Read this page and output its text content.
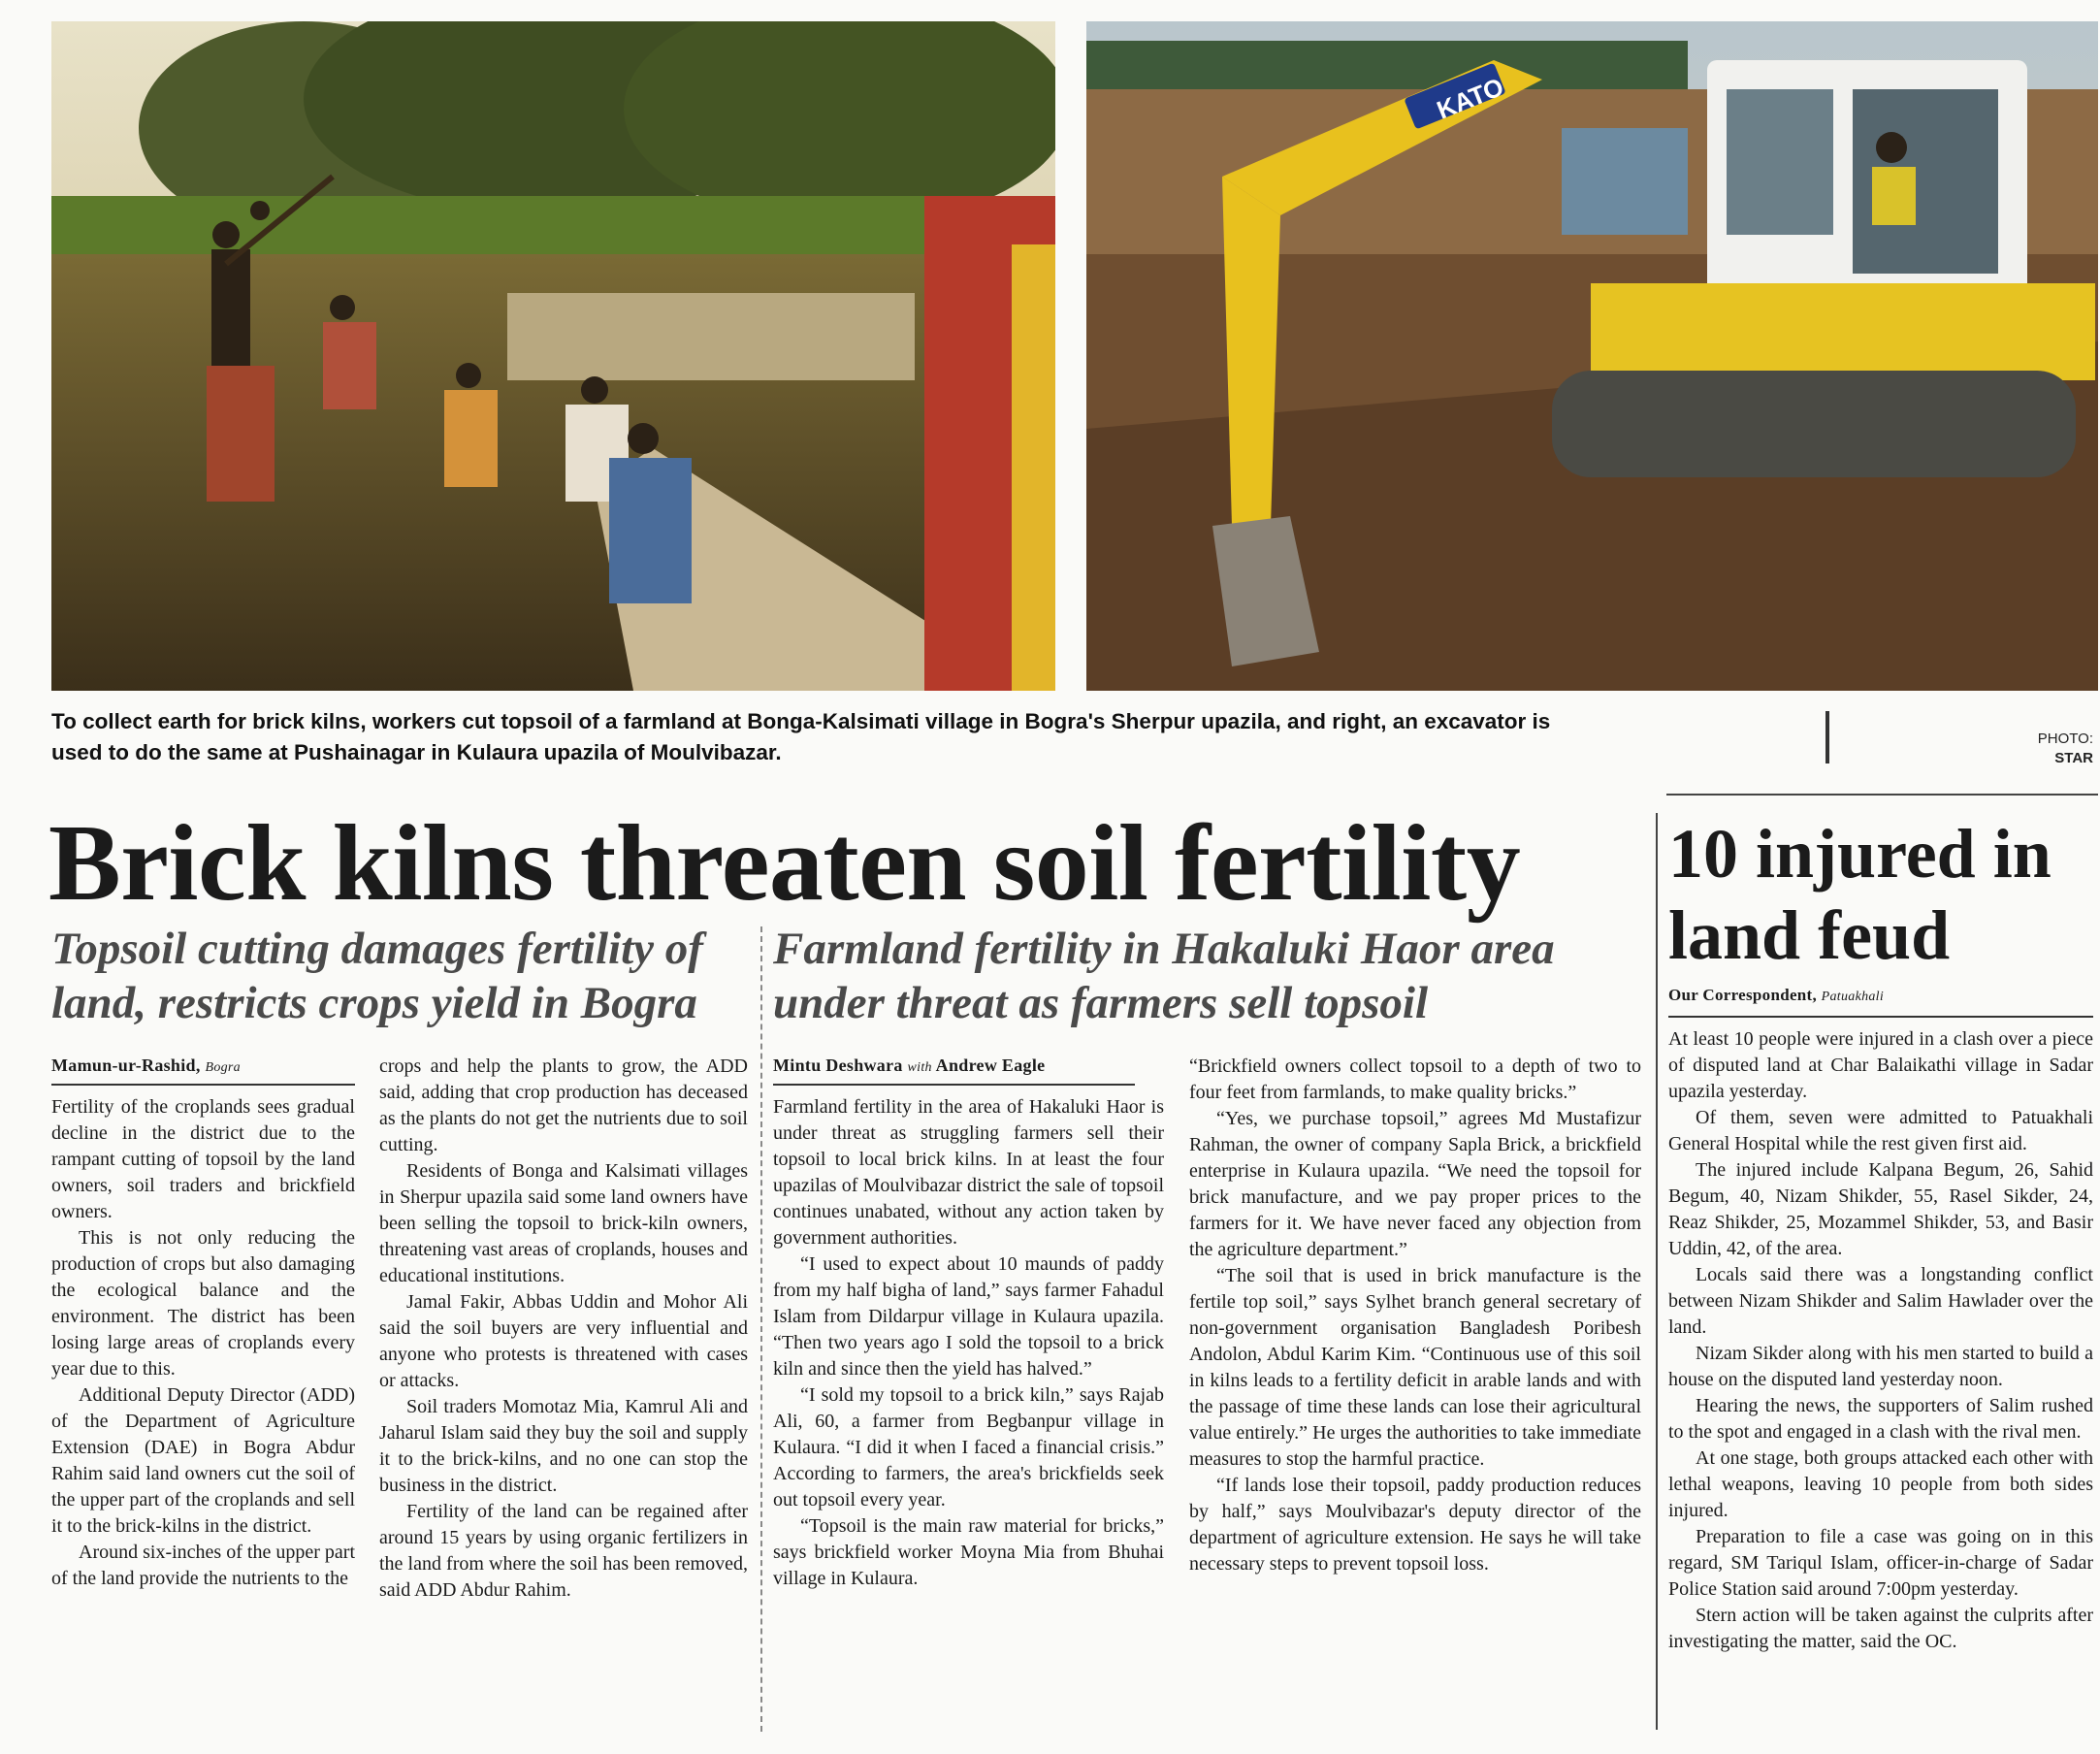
KATO
To collect earth for brick kilns, workers cut topsoil of a farmland at Bonga-Kalsimati village in Bogra's Sherpur upazila, and right, an excavator is used to do the same at Pushainagar in Kulaura upazila of Moulvibazar.
PHOTO:
STAR
Brick kilns threaten soil fertility
Topsoil cutting damages fertility of land, restricts crops yield in Bogra
Farmland fertility in Hakaluki Haor area under threat as farmers sell topsoil
Mamun-ur-Rashid, Bogra	Mintu Deshwara with Andrew Eagle

Fertility of the croplands sees gradual decline in the district due to the rampant cutting of topsoil by the land owners, soil traders and brickfield owners.

This is not only reducing the production of crops but also damaging the ecological balance and the environment. The district has been losing large areas of croplands every year due to this.

Additional Deputy Director (ADD) of the Department of Agriculture Extension (DAE) in Bogra Abdur Rahim said land owners cut the soil of the upper part of the croplands and sell it to the brick-kilns in the district.

Around six-inches of the upper part of the land provide the nutrients to the

crops and help the plants to grow, the ADD said, adding that crop production has deceased as the plants do not get the nutrients due to soil cutting.

Residents of Bonga and Kalsimati villages in Sherpur upazila said some land owners have been selling the topsoil to brick-kiln owners, threatening vast areas of croplands, houses and educational institutions.

Jamal Fakir, Abbas Uddin and Mohor Ali said the soil buyers are very influential and anyone who protests is threatened with cases or attacks.

Soil traders Momotaz Mia, Kamrul Ali and Jaharul Islam said they buy the soil and supply it to the brick-kilns, and no one can stop the business in the district.

Fertility of the land can be regained after around 15 years by using organic fertilizers in the land from where the soil has been removed, said ADD Abdur Rahim.

Farmland fertility in the area of Hakaluki Haor is under threat as struggling farmers sell their topsoil to local brick kilns. In at least the four upazilas of Moulvibazar district the sale of topsoil continues unabated, without any action taken by government authorities.

“I used to expect about 10 maunds of paddy from my half bigha of land,” says farmer Fahadul Islam from Dildarpur village in Kulaura upazila. “Then two years ago I sold the topsoil to a brick kiln and since then the yield has halved.”

“I sold my topsoil to a brick kiln,” says Rajab Ali, 60, a farmer from Begbanpur village in Kulaura. “I did it when I faced a financial crisis.” According to farmers, the area's brickfields seek out topsoil every year.

“Topsoil is the main raw material for bricks,” says brickfield worker Moyna Mia from Bhuhai village in Kulaura.

“Brickfield owners collect topsoil to a depth of two to four feet from farmlands, to make quality bricks.”

“Yes, we purchase topsoil,” agrees Md Mustafizur Rahman, the owner of company Sapla Brick, a brickfield enterprise in Kulaura upazila. “We need the topsoil for brick manufacture, and we pay proper prices to the farmers for it. We have never faced any objection from the agriculture department.”

“The soil that is used in brick manufacture is the fertile top soil,” says Sylhet branch general secretary of non-government organisation Bangladesh Poribesh Andolon, Abdul Karim Kim. “Continuous use of this soil in kilns leads to a fertility deficit in arable lands and with the passage of time these lands can lose their agricultural value entirely.” He urges the authorities to take immediate measures to stop the harmful practice.

“If lands lose their topsoil, paddy production reduces by half,” says Moulvibazar's deputy director of the department of agriculture extension. He says he will take necessary steps to prevent topsoil loss.

10 injured in land feud
Our Correspondent, Patuakhali

At least 10 people were injured in a clash over a piece of disputed land at Char Balaikathi village in Sadar upazila yesterday.

Of them, seven were admitted to Patuakhali General Hospital while the rest given first aid.

The injured include Kalpana Begum, 26, Sahid Begum, 40, Nizam Shikder, 55, Rasel Sikder, 24, Reaz Shikder, 25, Mozammel Shikder, 53, and Basir Uddin, 42, of the area.

Locals said there was a longstanding conflict between Nizam Shikder and Salim Hawlader over the land.

Nizam Sikder along with his men started to build a house on the disputed land yesterday noon.

Hearing the news, the supporters of Salim rushed to the spot and engaged in a clash with the rival men.

At one stage, both groups attacked each other with lethal weapons, leaving 10 people from both sides injured.

Preparation to file a case was going on in this regard, SM Tariqul Islam, officer-in-charge of Sadar Police Station said around 7:00pm yesterday.

Stern action will be taken against the culprits after investigating the matter, said the OC.
